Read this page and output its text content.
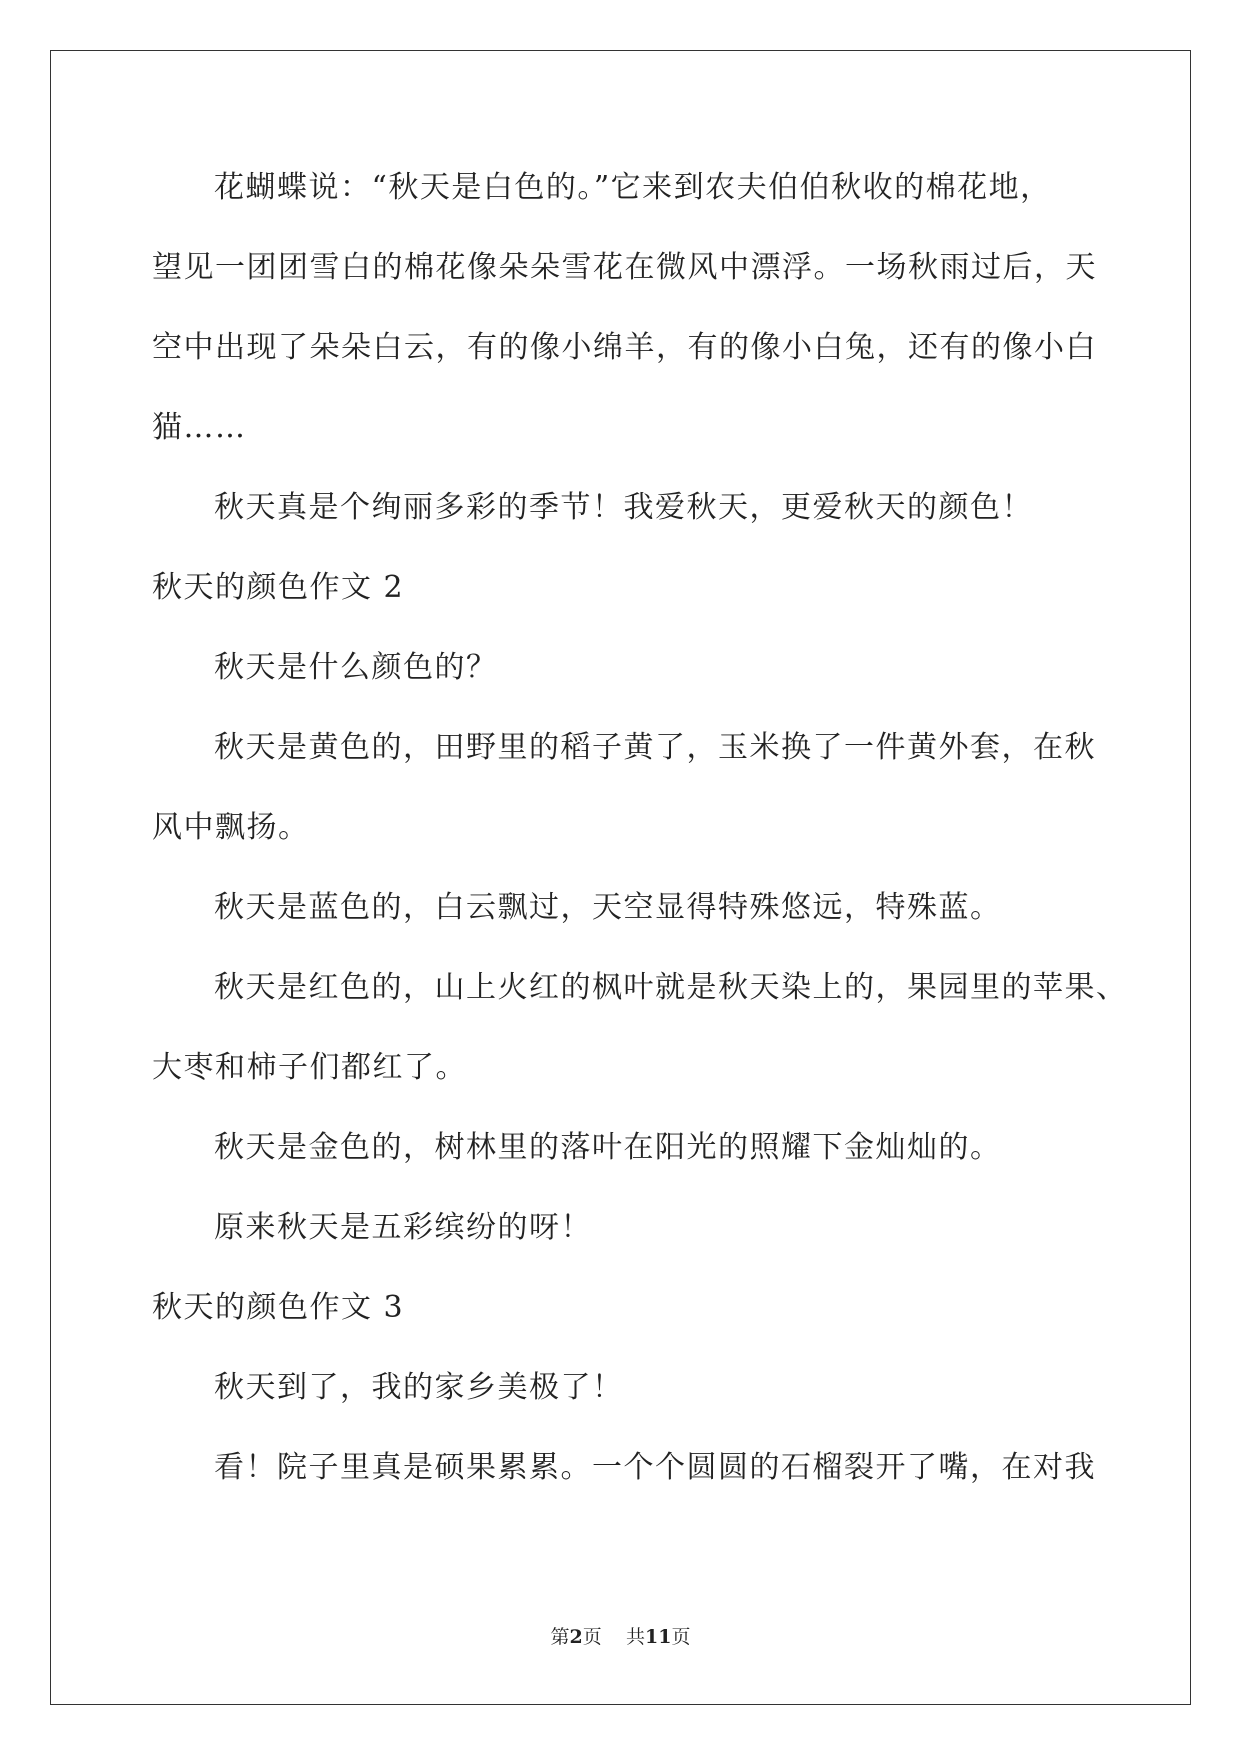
花蝴蝶说：“秋天是白色的。”它来到农夫伯伯秋收的棉花地，
望见一团团雪白的棉花像朵朵雪花在微风中漂浮。一场秋雨过后，天
空中出现了朵朵白云，有的像小绵羊，有的像小白兔，还有的像小白
猫……
秋天真是个绚丽多彩的季节！我爱秋天，更爱秋天的颜色！
秋天的颜色作文 2
秋天是什么颜色的？
秋天是黄色的，田野里的稻子黄了，玉米换了一件黄外套，在秋
风中飘扬。
秋天是蓝色的，白云飘过，天空显得特殊悠远，特殊蓝。
秋天是红色的，山上火红的枫叶就是秋天染上的，果园里的苹果、
大枣和柿子们都红了。
秋天是金色的，树林里的落叶在阳光的照耀下金灿灿的。
原来秋天是五彩缤纷的呀！
秋天的颜色作文 3
秋天到了，我的家乡美极了！
看！院子里真是硕果累累。一个个圆圆的石榴裂开了嘴，在对我
第2页 共11页
